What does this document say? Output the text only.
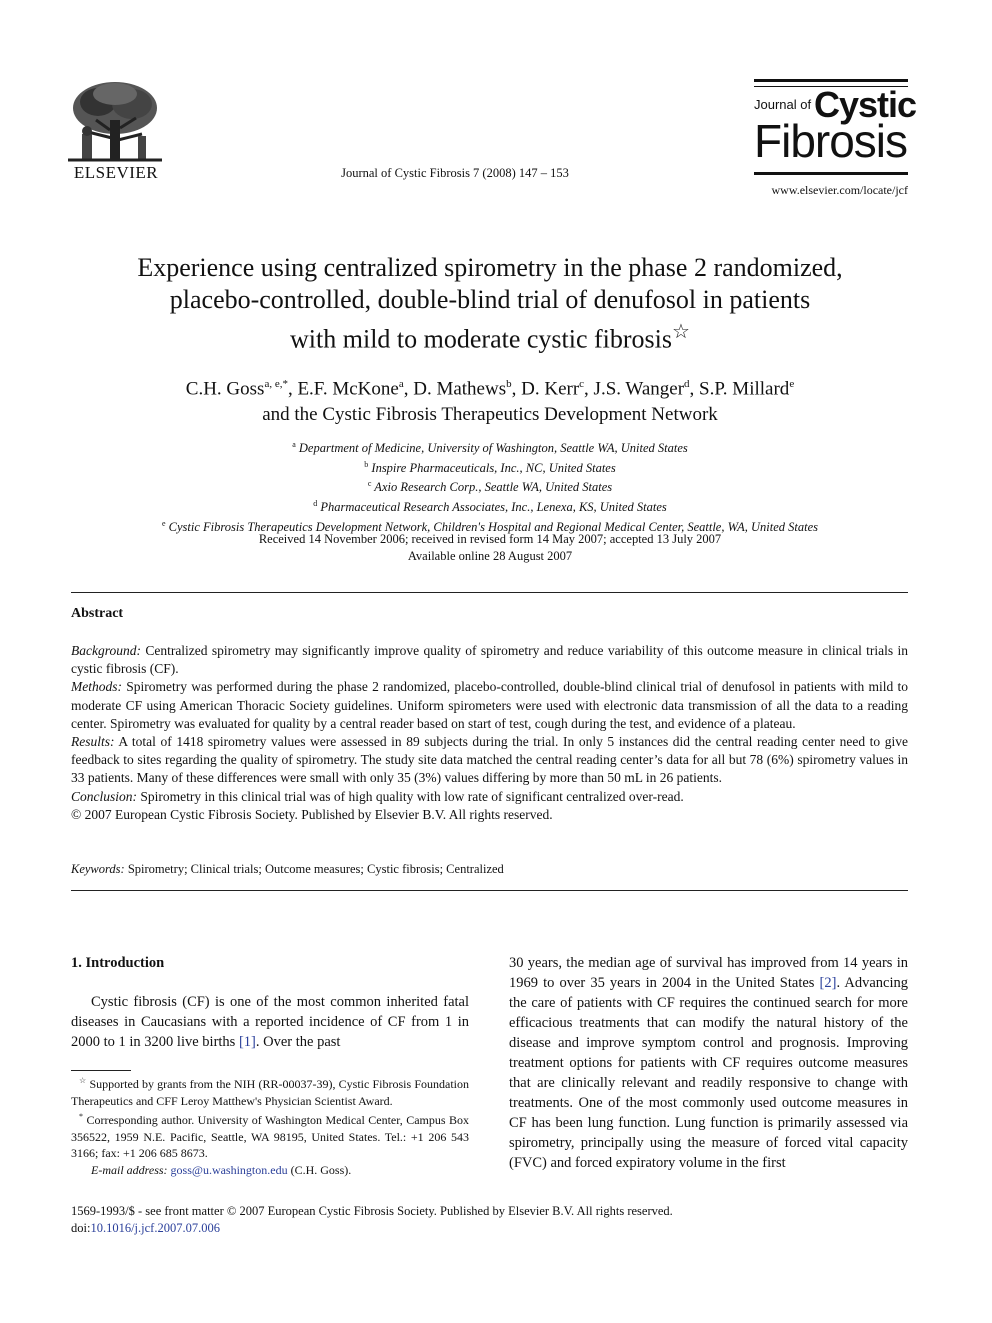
ELSEVIER	Journal of Cystic Fibrosis 7 (2008) 147 – 153
Journal of Cystic
Fibrosis
www.elsevier.com/locate/jcf
Experience using centralized spirometry in the phase 2 randomized,
placebo-controlled, double-blind trial of denufosol in patients
with mild to moderate cystic fibrosis☆
C.H. Goss$^{a, e,*}$, E.F. McKone$^a$, D. Mathews$^b$, D. Kerr$^c$, J.S. Wanger$^d$, S.P. Millard$^e$
and the Cystic Fibrosis Therapeutics Development Network
$^a$ Department of Medicine, University of Washington, Seattle WA, United States
$^b$ Inspire Pharmaceuticals, Inc., NC, United States
$^c$ Axio Research Corp., Seattle WA, United States
$^d$ Pharmaceutical Research Associates, Inc., Lenexa, KS, United States
$^e$ Cystic Fibrosis Therapeutics Development Network, Children's Hospital and Regional Medical Center, Seattle, WA, United States
Received 14 November 2006; received in revised form 14 May 2007; accepted 13 July 2007
Available online 28 August 2007
Abstract

Background: Centralized spirometry may significantly improve quality of spirometry and reduce variability of this outcome measure in clinical trials in cystic fibrosis (CF).

Methods: Spirometry was performed during the phase 2 randomized, placebo-controlled, double-blind clinical trial of denufosol in patients with mild to moderate CF using American Thoracic Society guidelines. Uniform spirometers were used with electronic data transmission of all the data to a reading center. Spirometry was evaluated for quality by a central reader based on start of test, cough during the test, and evidence of a plateau.

Results: A total of 1418 spirometry values were assessed in 89 subjects during the trial. In only 5 instances did the central reading center need to give feedback to sites regarding the quality of spirometry. The study site data matched the central reading center’s data for all but 78 (6%) spirometry values in 33 patients. Many of these differences were small with only 35 (3%) values differing by more than 50 mL in 26 patients.

Conclusion: Spirometry in this clinical trial was of high quality with low rate of significant centralized over-read.

© 2007 European Cystic Fibrosis Society. Published by Elsevier B.V. All rights reserved.

Keywords: Spirometry; Clinical trials; Outcome measures; Cystic fibrosis; Centralized
1. Introduction

Cystic fibrosis (CF) is one of the most common inherited fatal diseases in Caucasians with a reported incidence of CF from 1 in 2000 to 1 in 3200 live births [1]. Over the past

☆ Supported by grants from the NIH (RR-00037-39), Cystic Fibrosis Foundation Therapeutics and CFF Leroy Matthew's Physician Scientist Award.

* Corresponding author. University of Washington Medical Center, Campus Box 356522, 1959 N.E. Pacific, Seattle, WA 98195, United States. Tel.: +1 206 543 3166; fax: +1 206 685 8673.

E-mail address: goss@u.washington.edu (C.H. Goss).

30 years, the median age of survival has improved from 14 years in 1969 to over 35 years in 2004 in the United States [2]. Advancing the care of patients with CF requires the continued search for more efficacious treatments that can modify the natural history of the disease and improve symptom control and prognosis. Improving treatment options for patients with CF requires outcome measures that are clinically relevant and readily responsive to change with treatments. One of the most commonly used outcome measures in CF has been lung function. Lung function is primarily assessed via spirometry, principally using the measure of forced vital capacity (FVC) and forced expiratory volume in the first

1569-1993/$ - see front matter © 2007 European Cystic Fibrosis Society. Published by Elsevier B.V. All rights reserved.
doi:10.1016/j.jcf.2007.07.006
